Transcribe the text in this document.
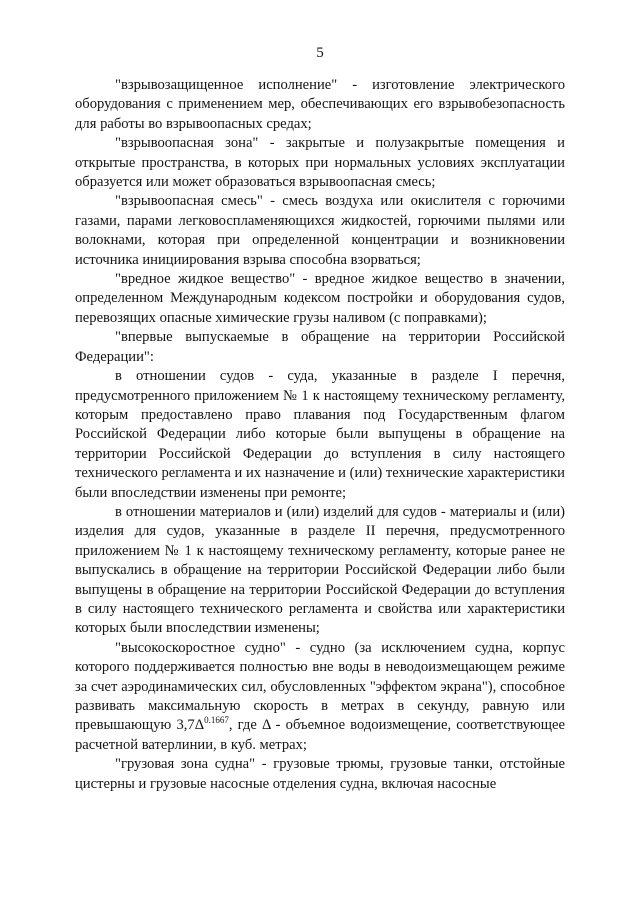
5

"взрывозащищенное исполнение" - изготовление электрического оборудования с применением мер, обеспечивающих его взрывобезопасность для работы во взрывоопасных средах;

"взрывоопасная зона" - закрытые и полузакрытые помещения и открытые пространства, в которых при нормальных условиях эксплуатации образуется или может образоваться взрывоопасная смесь;

"взрывоопасная смесь" - смесь воздуха или окислителя с горючими газами, парами легковоспламеняющихся жидкостей, горючими пылями или волокнами, которая при определенной концентрации и возникновении источника инициирования взрыва способна взорваться;

"вредное жидкое вещество" - вредное жидкое вещество в значении, определенном Международным кодексом постройки и оборудования судов, перевозящих опасные химические грузы наливом (с поправками);

"впервые выпускаемые в обращение на территории Российской Федерации":

в отношении судов - суда, указанные в разделе I перечня, предусмотренного приложением № 1 к настоящему техническому регламенту, которым предоставлено право плавания под Государственным флагом Российской Федерации либо которые были выпущены в обращение на территории Российской Федерации до вступления в силу настоящего технического регламента и их назначение и (или) технические характеристики были впоследствии изменены при ремонте;

в отношении материалов и (или) изделий для судов - материалы и (или) изделия для судов, указанные в разделе II перечня, предусмотренного приложением № 1 к настоящему техническому регламенту, которые ранее не выпускались в обращение на территории Российской Федерации либо были выпущены в обращение на территории Российской Федерации до вступления в силу настоящего технического регламента и свойства или характеристики которых были впоследствии изменены;

"высокоскоростное судно" - судно (за исключением судна, корпус которого поддерживается полностью вне воды в неводоизмещающем режиме за счет аэродинамических сил, обусловленных "эффектом экрана"), способное развивать максимальную скорость в метрах в секунду, равную или превышающую $3,7\Delta^{0.1667}$, где Δ - объемное водоизмещение, соответствующее расчетной ватерлинии, в куб. метрах;

"грузовая зона судна" - грузовые трюмы, грузовые танки, отстойные цистерны и грузовые насосные отделения судна, включая насосные
